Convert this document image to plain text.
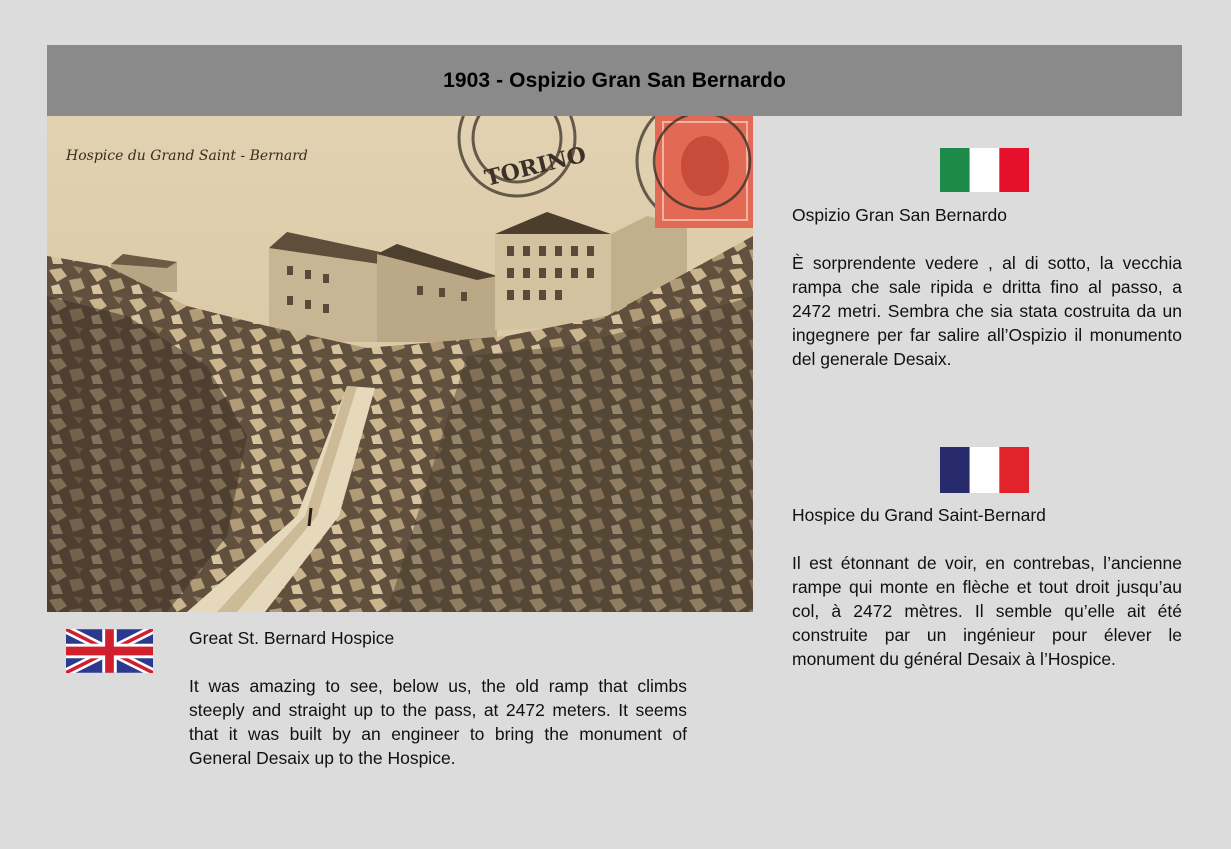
1903 - Ospizio Gran San Bernardo
TORINO
Hospice du Grand Saint - Bernard

Great St. Bernard Hospice

It was amazing to see, below us, the old ramp that climbs steeply and straight up to the pass, at 2472 meters. It seems that it was built by an engineer to bring the monument of General Desaix up to the Hospice.

Ospizio Gran San Bernardo

È sorprendente vedere , al di sotto, la vecchia rampa che sale ripida e dritta fino al passo, a 2472 metri. Sembra che sia stata costruita da un ingegnere per far salire all’Ospizio il monumento del generale Desaix.

Hospice du Grand Saint-Bernard

Il est étonnant de voir, en contrebas, l’ancienne rampe qui monte en flèche et tout droit jusqu’au col, à 2472 mètres. Il semble qu’elle ait été construite par un ingénieur pour élever le monument du général Desaix à l’Hospice.
